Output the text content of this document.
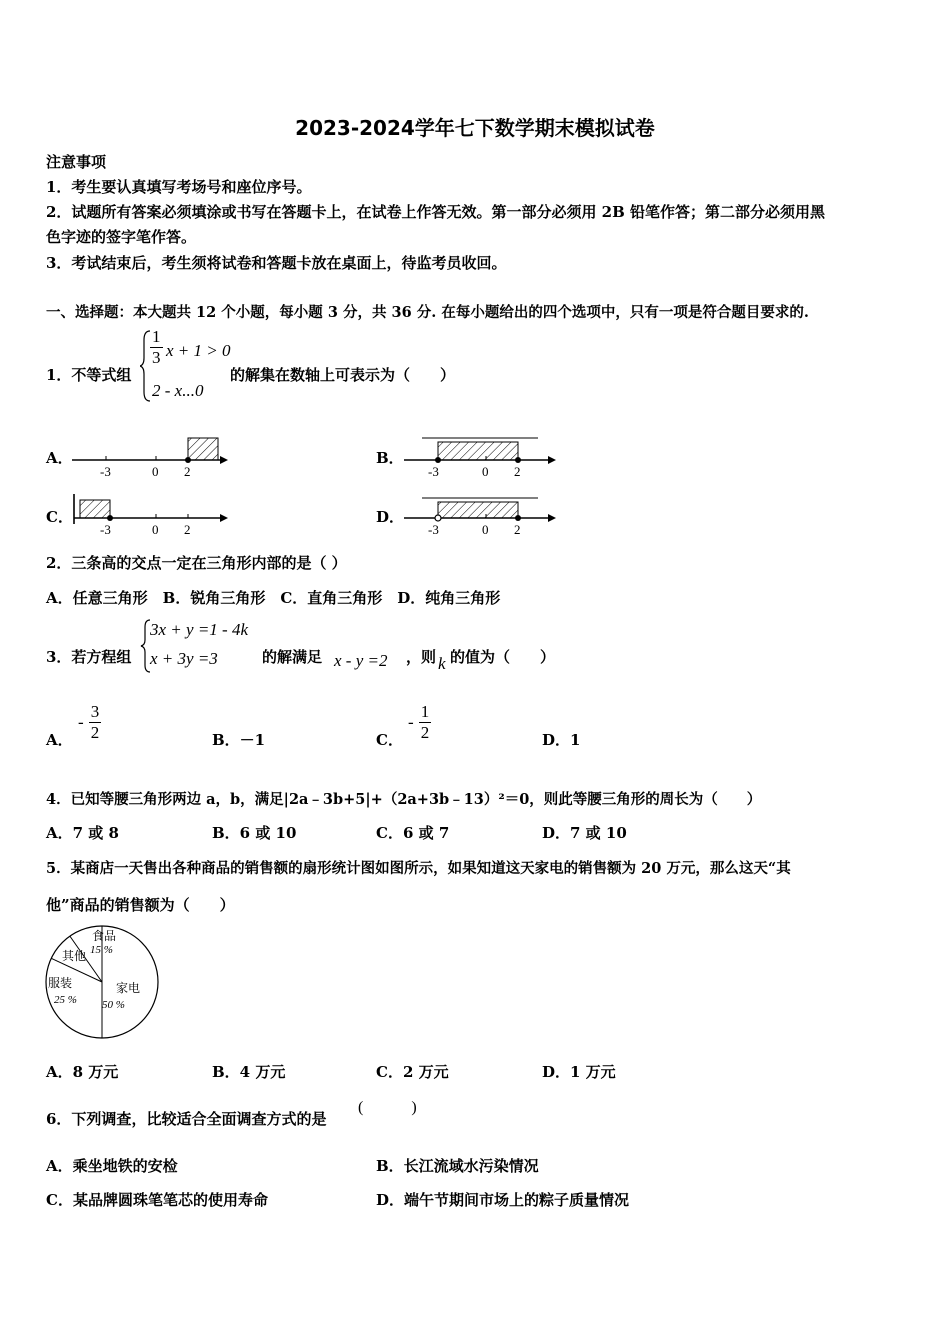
2023-2024学年七下数学期末模拟试卷
注意事项
1．考生要认真填写考场号和座位序号。
2．试题所有答案必须填涂或书写在答题卡上，在试卷上作答无效。第一部分必须用 2B 铅笔作答；第二部分必须用黑
色字迹的签字笔作答。
3．考试结束后，考生须将试卷和答题卡放在桌面上，待监考员收回。
一、选择题：本大题共 12 个小题，每小题 3 分，共 36 分. 在每小题给出的四个选项中，只有一项是符合题目要求的.
1．不等式组
$\frac{1}{3}$ x + 1 > 0
2 - x...0
的解集在数轴上可表示为（　　）
A．	B．
C．	D．
-3	0 2	-3	0 2
-3	0 2	-3	0 2
2．三条高的交点一定在三角形内部的是（ ）
A．任意三角形　B．锐角三角形　C．直角三角形　D．纯角三角形
3．若方程组
3x + y =1 - 4k
x + 3y =3	的解满足 x - y =2 ，则 k 的值为（　　）
A．
- $\frac{3}{2}$	B．－1	C．
- $\frac{1}{2}$	D．1
4．已知等腰三角形两边 a，b，满足|2a﹣3b+5|+（2a+3b﹣13）²＝0，则此等腰三角形的周长为（　　）
A．7 或 8	B．6 或 10	C．6 或 7	D．7 或 10
5．某商店一天售出各种商品的销售额的扇形统计图如图所示，如果知道这天家电的销售额为 20 万元，那么这天“其
他”商品的销售额为（　　）
食品
15 %
其他
服装
25 %
家电
50 %
A．8 万元	B．4 万元	C．2 万元	D．1 万元
6．下列调查，比较适合全面调查方式的是
(　　　)
A．乘坐地铁的安检	B．长江流域水污染情况
C．某品牌圆珠笔笔芯的使用寿命	D．端午节期间市场上的粽子质量情况
